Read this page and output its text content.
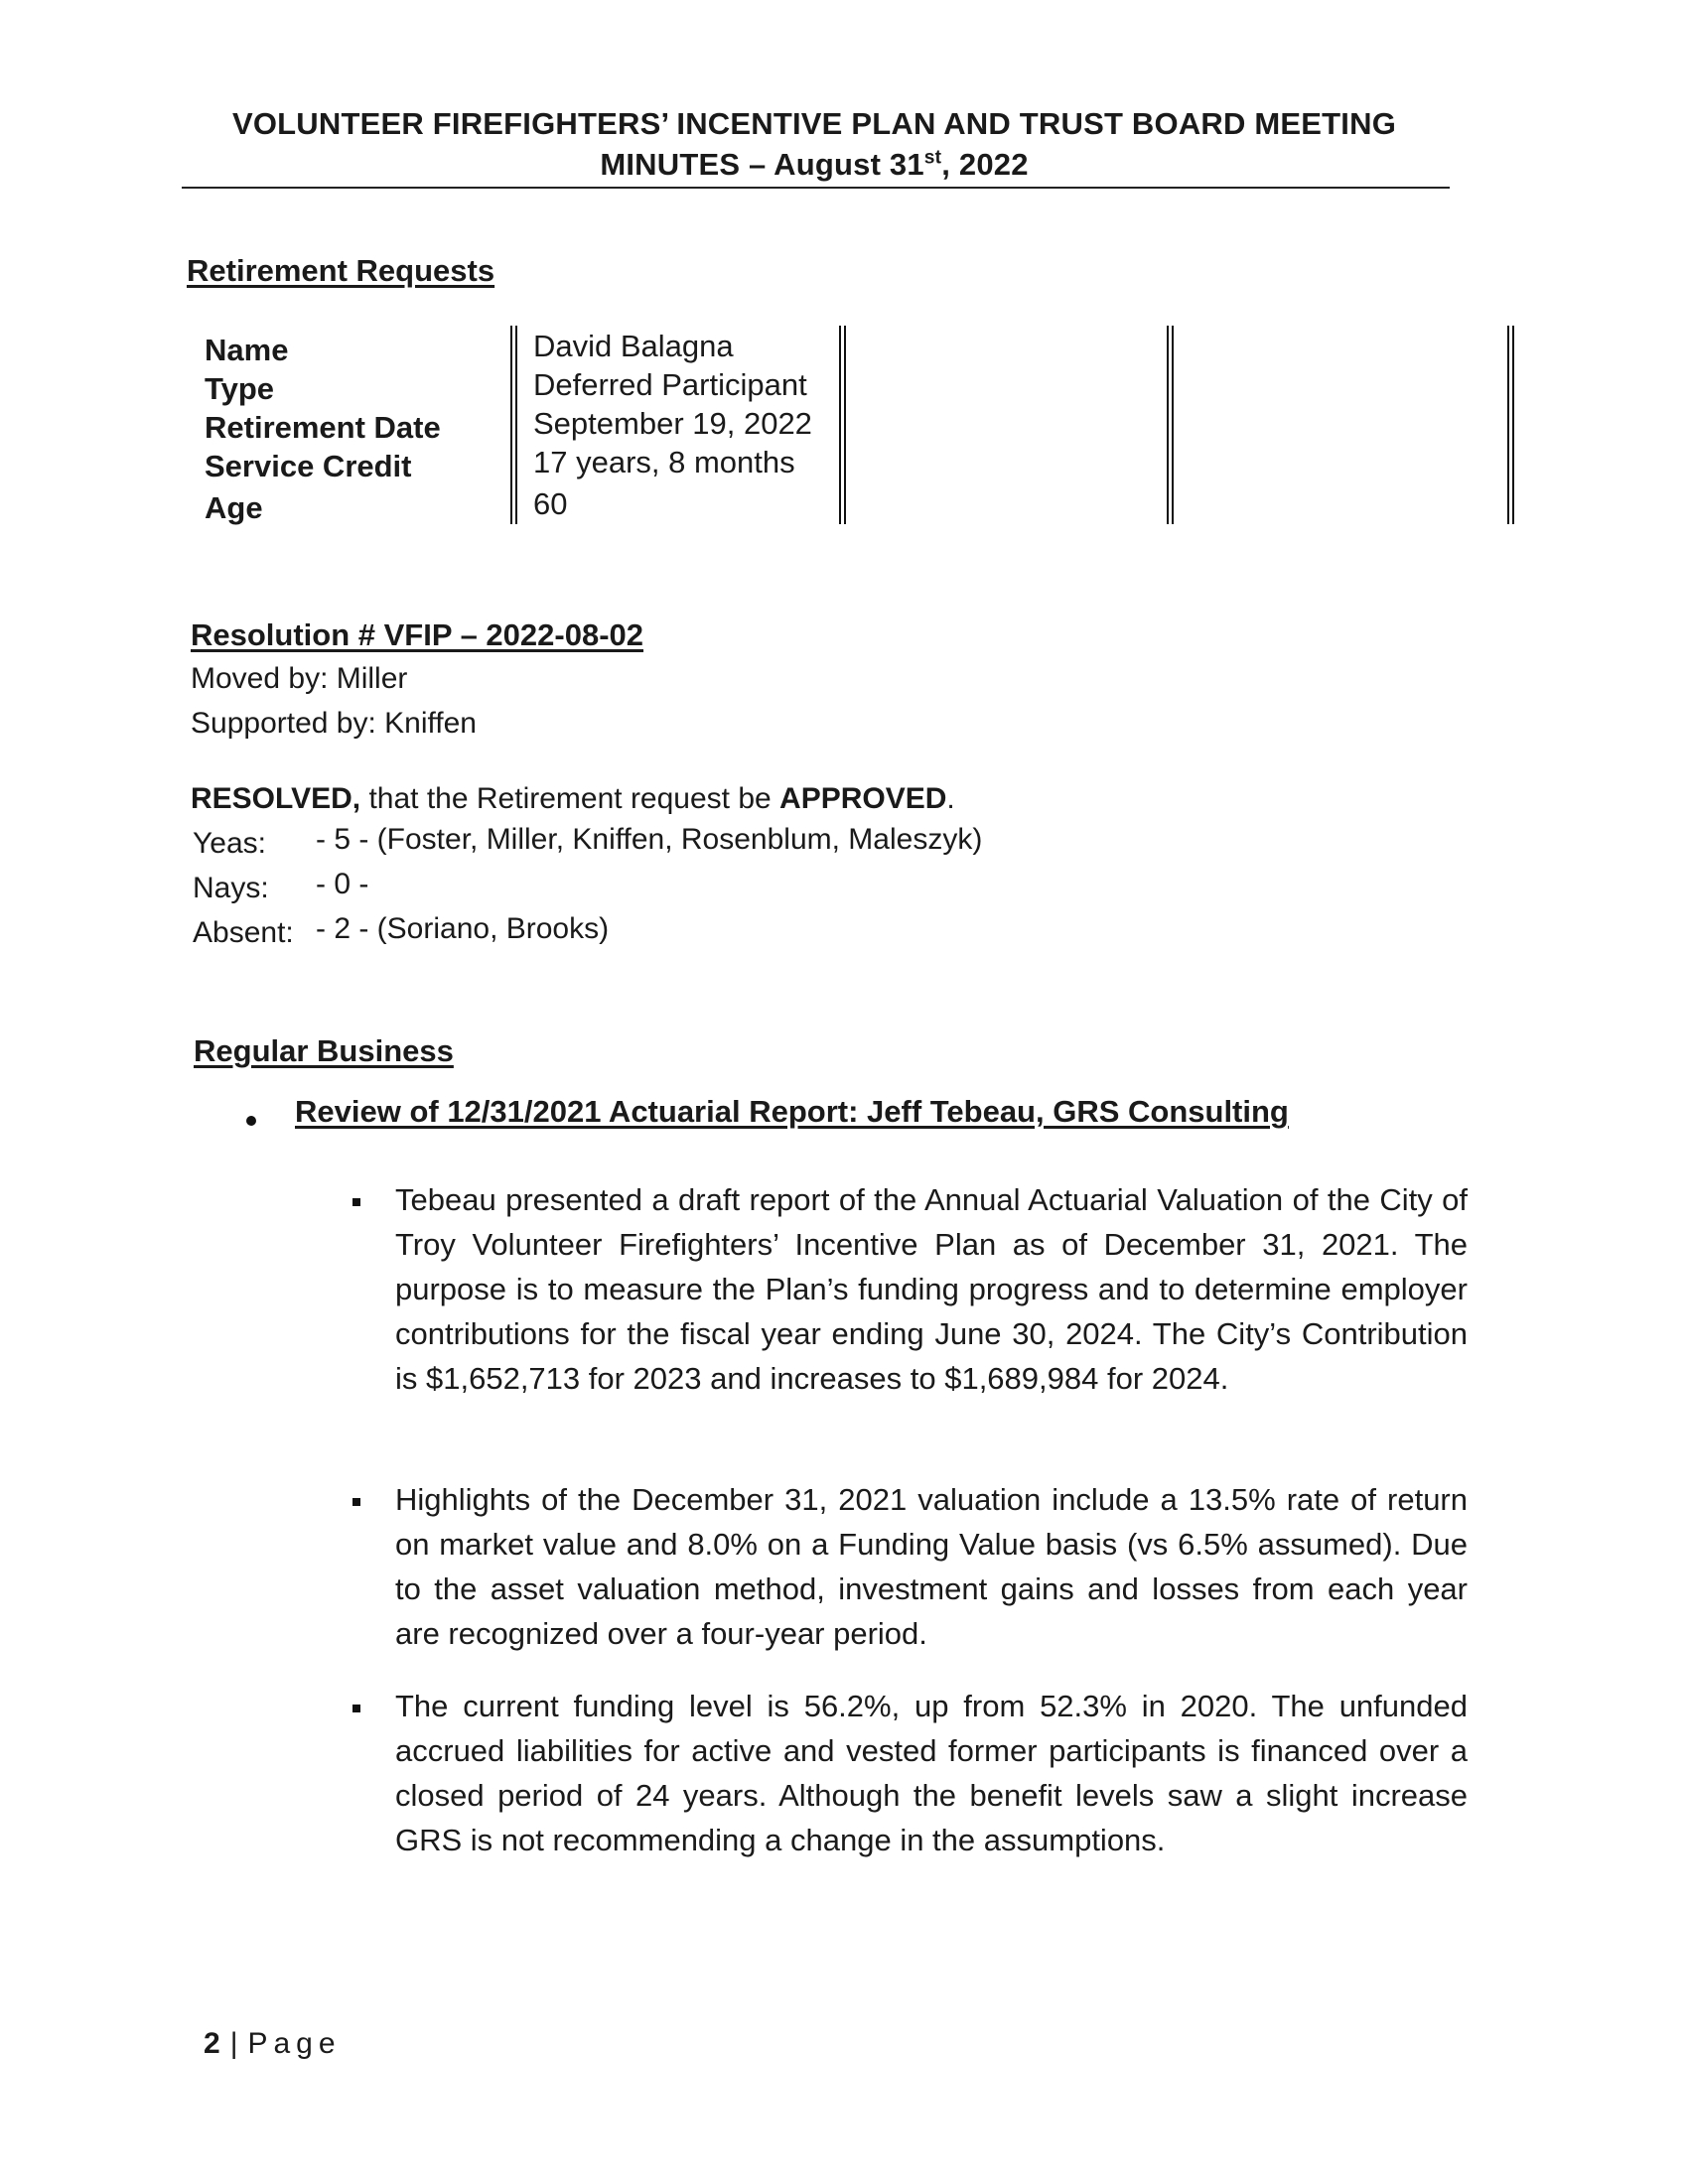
VOLUNTEER FIREFIGHTERS’ INCENTIVE PLAN AND TRUST BOARD MEETING
MINUTES – August 31st, 2022
Retirement Requests
Name	David Balagna
Type	Deferred Participant
Retirement Date	September 19, 2022
Service Credit	17 years, 8 months
Age	60
Resolution # VFIP – 2022-08-02
Moved by: Miller
Supported by: Kniffen
RESOLVED, that the Retirement request be APPROVED.
Yeas: - 5 - (Foster, Miller, Kniffen, Rosenblum, Maleszyk)
Nays: - 0 -
Absent: - 2 - (Soriano, Brooks)
Regular Business
Review of 12/31/2021 Actuarial Report: Jeff Tebeau, GRS Consulting
Tebeau presented a draft report of the Annual Actuarial Valuation of the City of Troy Volunteer Firefighters’ Incentive Plan as of December 31, 2021. The purpose is to measure the Plan’s funding progress and to determine employer contributions for the fiscal year ending June 30, 2024. The City’s Contribution is $1,652,713 for 2023 and increases to $1,689,984 for 2024.
Highlights of the December 31, 2021 valuation include a 13.5% rate of return on market value and 8.0% on a Funding Value basis (vs 6.5% assumed). Due to the asset valuation method, investment gains and losses from each year are recognized over a four-year period.
The current funding level is 56.2%, up from 52.3% in 2020. The unfunded accrued liabilities for active and vested former participants is financed over a closed period of 24 years. Although the benefit levels saw a slight increase GRS is not recommending a change in the assumptions.
2 | Page
